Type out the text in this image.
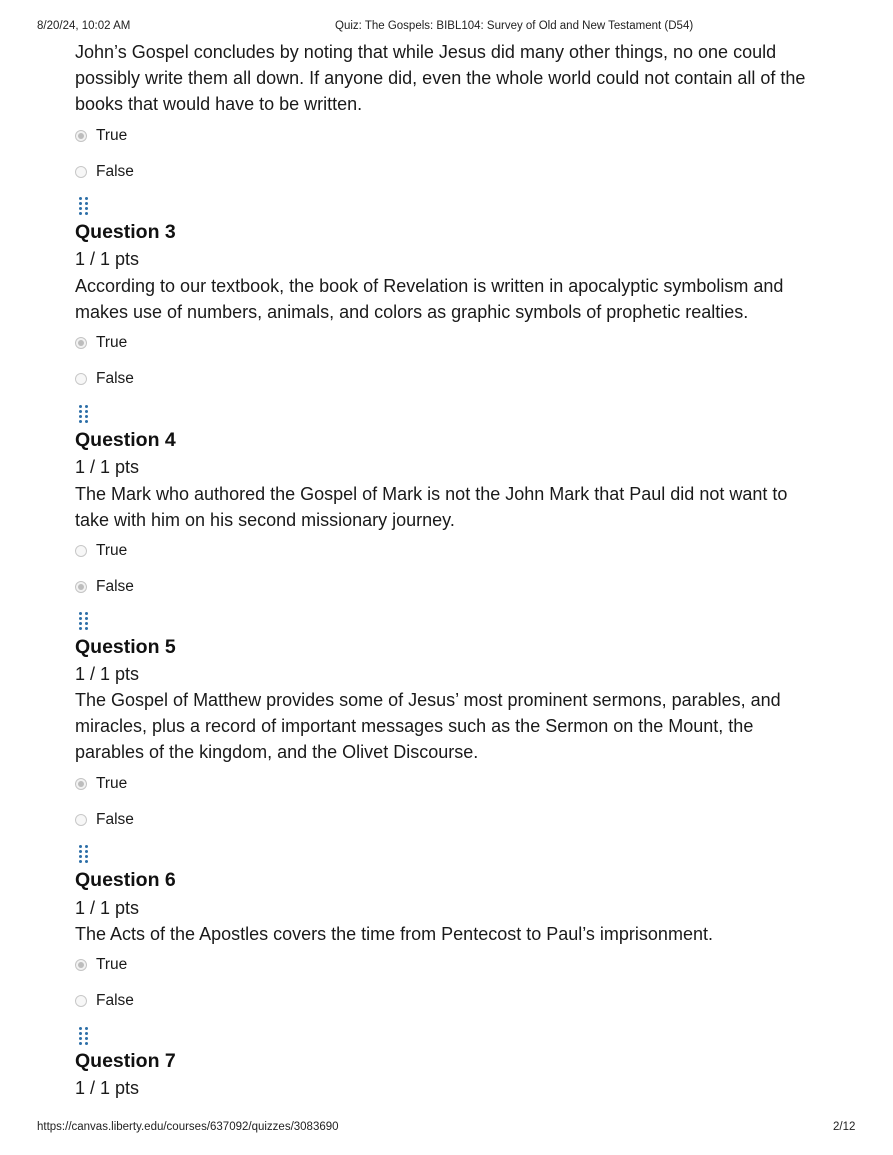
8/20/24, 10:02 AM	Quiz: The Gospels: BIBL104: Survey of Old and New Testament (D54)

John’s Gospel concludes by noting that while Jesus did many other things, no one could possibly write them all down. If anyone did, even the whole world could not contain all of the books that would have to be written.

True
False
Question 3
1 / 1 pts

According to our textbook, the book of Revelation is written in apocalyptic symbolism and makes use of numbers, animals, and colors as graphic symbols of prophetic realties.

True
False
Question 4
1 / 1 pts

The Mark who authored the Gospel of Mark is not the John Mark that Paul did not want to take with him on his second missionary journey.

True
False
Question 5
1 / 1 pts

The Gospel of Matthew provides some of Jesus’ most prominent sermons, parables, and miracles, plus a record of important messages such as the Sermon on the Mount, the parables of the kingdom, and the Olivet Discourse.

True
False
Question 6
1 / 1 pts

The Acts of the Apostles covers the time from Pentecost to Paul’s imprisonment.

True
False
Question 7
1 / 1 pts
https://canvas.liberty.edu/courses/637092/quizzes/3083690	2/12
